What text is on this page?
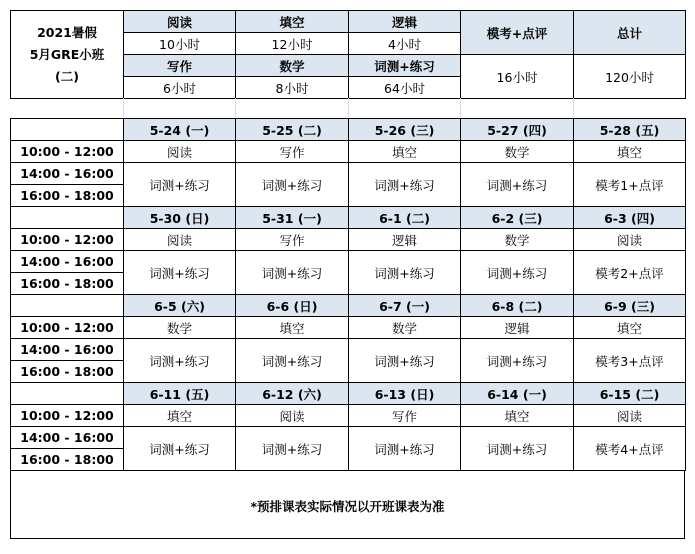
2021暑假
5月GRE小班
(二)	阅读	填空	逻辑	模考+点评	总计
	10小时	12小时	4小时		
	写作	数学	词测+练习	16小时	120小时
	6小时	8小时	64小时		
	5-24 (一)	5-25 (二)	5-26 (三)	5-27 (四)	5-28 (五)
10:00 - 12:00	阅读	写作	填空	数学	填空
14:00 - 16:00	词测+练习	词测+练习	词测+练习	词测+练习	模考1+点评
16:00 - 18:00					
	5-30 (日)	5-31 (一)	6-1 (二)	6-2 (三)	6-3 (四)
10:00 - 12:00	阅读	写作	逻辑	数学	阅读
14:00 - 16:00	词测+练习	词测+练习	词测+练习	词测+练习	模考2+点评
16:00 - 18:00					
	6-5 (六)	6-6 (日)	6-7 (一)	6-8 (二)	6-9 (三)
10:00 - 12:00	数学	填空	数学	逻辑	填空
14:00 - 16:00	词测+练习	词测+练习	词测+练习	词测+练习	模考3+点评
16:00 - 18:00					
	6-11 (五)	6-12 (六)	6-13 (日)	6-14 (一)	6-15 (二)
10:00 - 12:00	填空	阅读	写作	填空	阅读
14:00 - 16:00	词测+练习	词测+练习	词测+练习	词测+练习	模考4+点评
16:00 - 18:00					
*预排课表实际情况以开班课表为准
